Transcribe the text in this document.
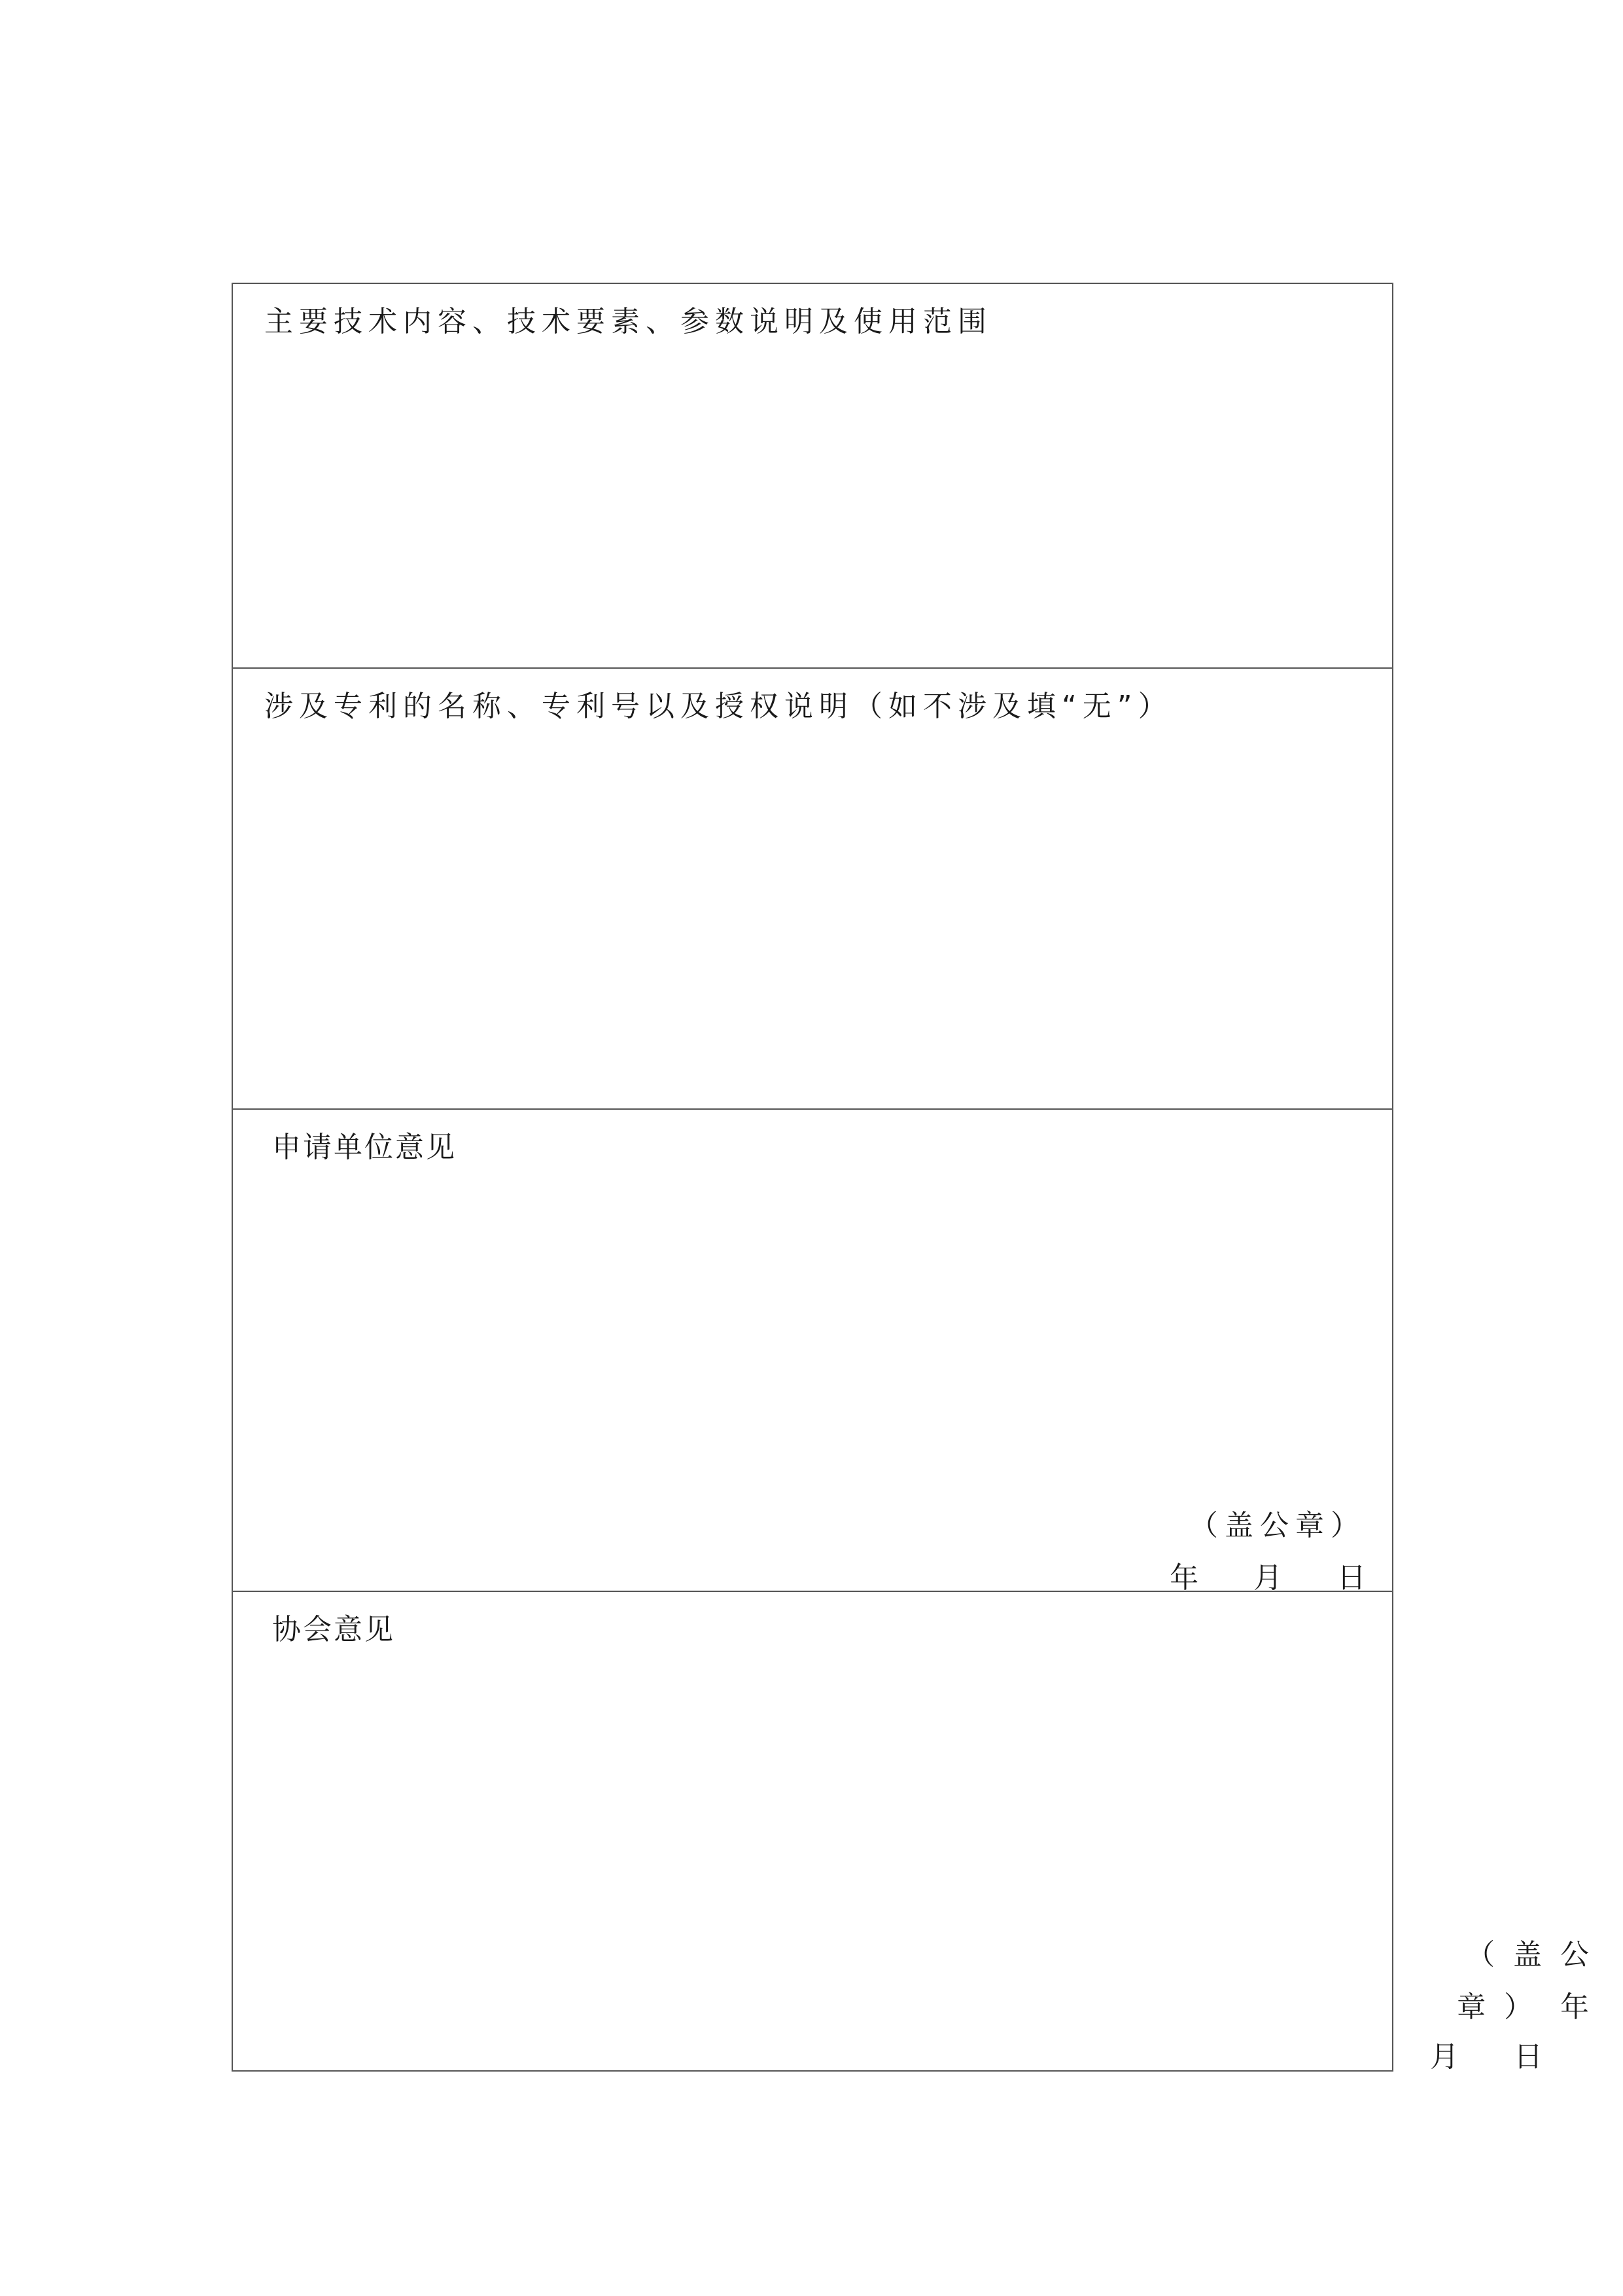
主要技术内容、技术要素、参数说明及使用范围
涉及专利的名称、专利号以及授权说明（如不涉及填“无”）
申请单位意见
（盖公章）
年      月      日
协会意见
（  盖  公
章  ）   年
月      日
